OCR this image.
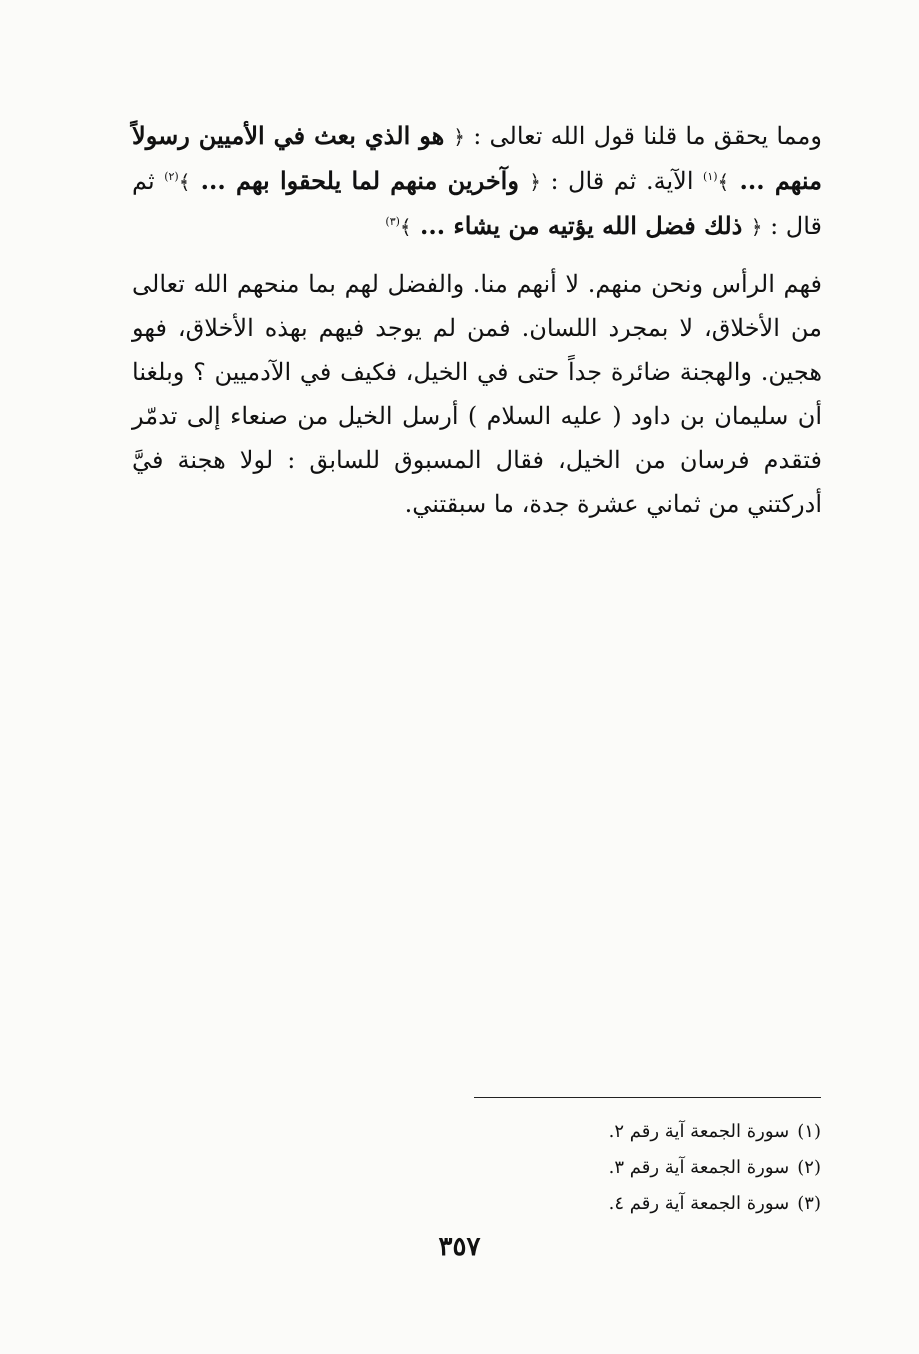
ومما يحقق ما قلنا قول الله تعالى : ﴿ هو الذي بعث في الأميين رسولاً منهم ... ﴾$^{(١)}$ الآية. ثم قال : ﴿ وآخرين منهم لما يلحقوا بهم ... ﴾$^{(٢)}$ ثم قال : ﴿ ذلك فضل الله يؤتيه من يشاء ... ﴾$^{(٣)}$

فهم الرأس ونحن منهم. لا أنهم منا. والفضل لهم بما منحهم الله تعالى من الأخلاق، لا بمجرد اللسان. فمن لم يوجد فيهم بهذه الأخلاق، فهو هجين. والهجنة ضائرة جداً حتى في الخيل، فكيف في الآدميين ؟ وبلغنا أن سليمان بن داود ( عليه السلام ) أرسل الخيل من صنعاء إلى تدمّر فتقدم فرسان من الخيل، فقال المسبوق للسابق : لولا هجنة فيَّ أدركتني من ثماني عشرة جدة، ما سبقتني.

(١)سورة الجمعة آية رقم ٢.
(٢)سورة الجمعة آية رقم ٣.
(٣)سورة الجمعة آية رقم ٤.
٣٥٧
